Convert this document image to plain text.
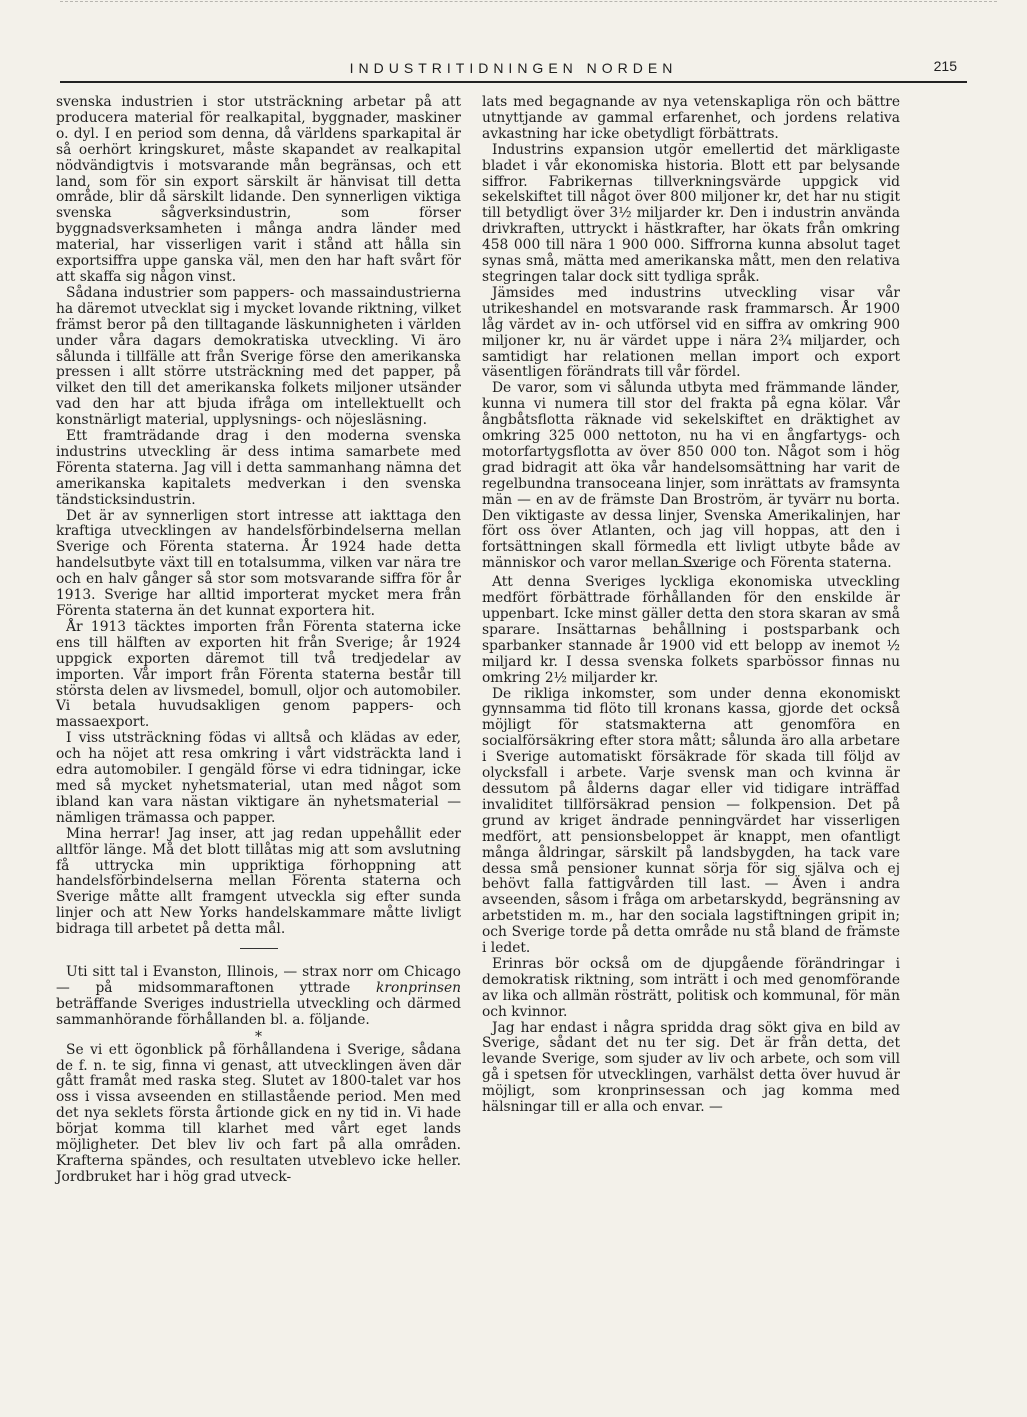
INDUSTRITIDNINGEN NORDEN	215

svenska industrien i stor utsträckning arbetar på att producera material för realkapital, byggnader, maskiner o. dyl. I en period som denna, då världens sparkapital är så oerhört kringskuret, måste skapandet av realkapital nödvändigtvis i motsvarande mån begränsas, och ett land, som för sin export särskilt är hänvisat till detta område, blir då särskilt lidande. Den synnerligen viktiga svenska sågverksindustrin, som förser byggnadsverksamheten i många andra länder med material, har visserligen varit i stånd att hålla sin exportsiffra uppe ganska väl, men den har haft svårt för att skaffa sig någon vinst.

Sådana industrier som pappers- och massaindustrierna ha däremot utvecklat sig i mycket lovande riktning, vilket främst beror på den tilltagande läskunnigheten i världen under våra dagars demokratiska utveckling. Vi äro sålunda i tillfälle att från Sverige förse den amerikanska pressen i allt större utsträckning med det papper, på vilket den till det amerikanska folkets miljoner utsänder vad den har att bjuda ifråga om intellektuellt och konstnärligt material, upplysnings- och nöjesläsning.

Ett framträdande drag i den moderna svenska industrins utveckling är dess intima samarbete med Förenta staterna. Jag vill i detta sammanhang nämna det amerikanska kapitalets medverkan i den svenska tändsticksindustrin.

Det är av synnerligen stort intresse att iakttaga den kraftiga utvecklingen av handelsförbindelserna mellan Sverige och Förenta staterna. År 1924 hade detta handelsutbyte växt till en totalsumma, vilken var nära tre och en halv gånger så stor som motsvarande siffra för år 1913. Sverige har alltid importerat mycket mera från Förenta staterna än det kunnat exportera hit.

År 1913 täcktes importen från Förenta staterna icke ens till hälften av exporten hit från Sverige; år 1924 uppgick exporten däremot till två tredjedelar av importen. Vår import från Förenta staterna består till största delen av livsmedel, bomull, oljor och automobiler. Vi betala huvudsakligen genom pappers- och massaexport.

I viss utsträckning födas vi alltså och klädas av eder, och ha nöjet att resa omkring i vårt vidsträckta land i edra automobiler. I gengäld förse vi edra tidningar, icke med så mycket nyhetsmaterial, utan med något som ibland kan vara nästan viktigare än nyhetsmaterial — nämligen trämassa och papper.

Mina herrar! Jag inser, att jag redan uppehållit eder alltför länge. Må det blott tillåtas mig att som avslutning få uttrycka min uppriktiga förhoppning att handelsförbindelserna mellan Förenta staterna och Sverige måtte allt framgent utveckla sig efter sunda linjer och att New Yorks handelskammare måtte livligt bidraga till arbetet på detta mål.

Uti sitt tal i Evanston, Illinois, — strax norr om Chicago — på midsommaraftonen yttrade kronprinsen beträffande Sveriges industriella utveckling och därmed sammanhörande förhållanden bl. a. följande.

*

Se vi ett ögonblick på förhållandena i Sverige, sådana de f. n. te sig, finna vi genast, att utvecklingen även där gått framåt med raska steg. Slutet av 1800-talet var hos oss i vissa avseenden en stillastående period. Men med det nya seklets första årtionde gick en ny tid in. Vi hade börjat komma till klarhet med vårt eget lands möjligheter. Det blev liv och fart på alla områden. Krafterna spändes, och resultaten utveblevo icke heller. Jordbruket har i hög grad utveck-

lats med begagnande av nya vetenskapliga rön och bättre utnyttjande av gammal erfarenhet, och jordens relativa avkastning har icke obetydligt förbättrats.

Industrins expansion utgör emellertid det märkligaste bladet i vår ekonomiska historia. Blott ett par belysande siffror. Fabrikernas tillverkningsvärde uppgick vid sekelskiftet till något över 800 miljoner kr, det har nu stigit till betydligt över 3½ miljarder kr. Den i industrin använda drivkraften, uttryckt i hästkrafter, har ökats från omkring 458 000 till nära 1 900 000. Siffrorna kunna absolut taget synas små, mätta med amerikanska mått, men den relativa stegringen talar dock sitt tydliga språk.

Jämsides med industrins utveckling visar vår utrikeshandel en motsvarande rask frammarsch. År 1900 låg värdet av in- och utförsel vid en siffra av omkring 900 miljoner kr, nu är värdet uppe i nära 2¾ miljarder, och samtidigt har relationen mellan import och export väsentligen förändrats till vår fördel.

De varor, som vi sålunda utbyta med främmande länder, kunna vi numera till stor del frakta på egna kölar. Vår ångbåtsflotta räknade vid sekelskiftet en dräktighet av omkring 325 000 nettoton, nu ha vi en ångfartygs- och motorfartygsflotta av över 850 000 ton. Något som i hög grad bidragit att öka vår handelsomsättning har varit de regelbundna transoceana linjer, som inrättats av framsynta män — en av de främste Dan Broström, är tyvärr nu borta. Den viktigaste av dessa linjer, Svenska Amerikalinjen, har fört oss över Atlanten, och jag vill hoppas, att den i fortsättningen skall förmedla ett livligt utbyte både av människor och varor mellan Sverige och Förenta staterna.

Att denna Sveriges lyckliga ekonomiska utveckling medfört förbättrade förhållanden för den enskilde är uppenbart. Icke minst gäller detta den stora skaran av små sparare. Insättarnas behållning i postsparbank och sparbanker stannade år 1900 vid ett belopp av inemot ½ miljard kr. I dessa svenska folkets sparbössor finnas nu omkring 2½ miljarder kr.

De rikliga inkomster, som under denna ekonomiskt gynnsamma tid flöto till kronans kassa, gjorde det också möjligt för statsmakterna att genomföra en socialförsäkring efter stora mått; sålunda äro alla arbetare i Sverige automatiskt försäkrade för skada till följd av olycksfall i arbete. Varje svensk man och kvinna är dessutom på ålderns dagar eller vid tidigare inträffad invaliditet tillförsäkrad pension — folkpension. Det på grund av kriget ändrade penningvärdet har visserligen medfört, att pensionsbeloppet är knappt, men ofantligt många åldringar, särskilt på landsbygden, ha tack vare dessa små pensioner kunnat sörja för sig själva och ej behövt falla fattigvården till last. — Även i andra avseenden, såsom i fråga om arbetarskydd, begränsning av arbetstiden m. m., har den sociala lagstiftningen gripit in; och Sverige torde på detta område nu stå bland de främste i ledet.

Erinras bör också om de djupgående förändringar i demokratisk riktning, som inträtt i och med genomförande av lika och allmän rösträtt, politisk och kommunal, för män och kvinnor.

Jag har endast i några spridda drag sökt giva en bild av Sverige, sådant det nu ter sig. Det är från detta, det levande Sverige, som sjuder av liv och arbete, och som vill gå i spetsen för utvecklingen, varhälst detta över huvud är möjligt, som kronprinsessan och jag komma med hälsningar till er alla och envar. —
